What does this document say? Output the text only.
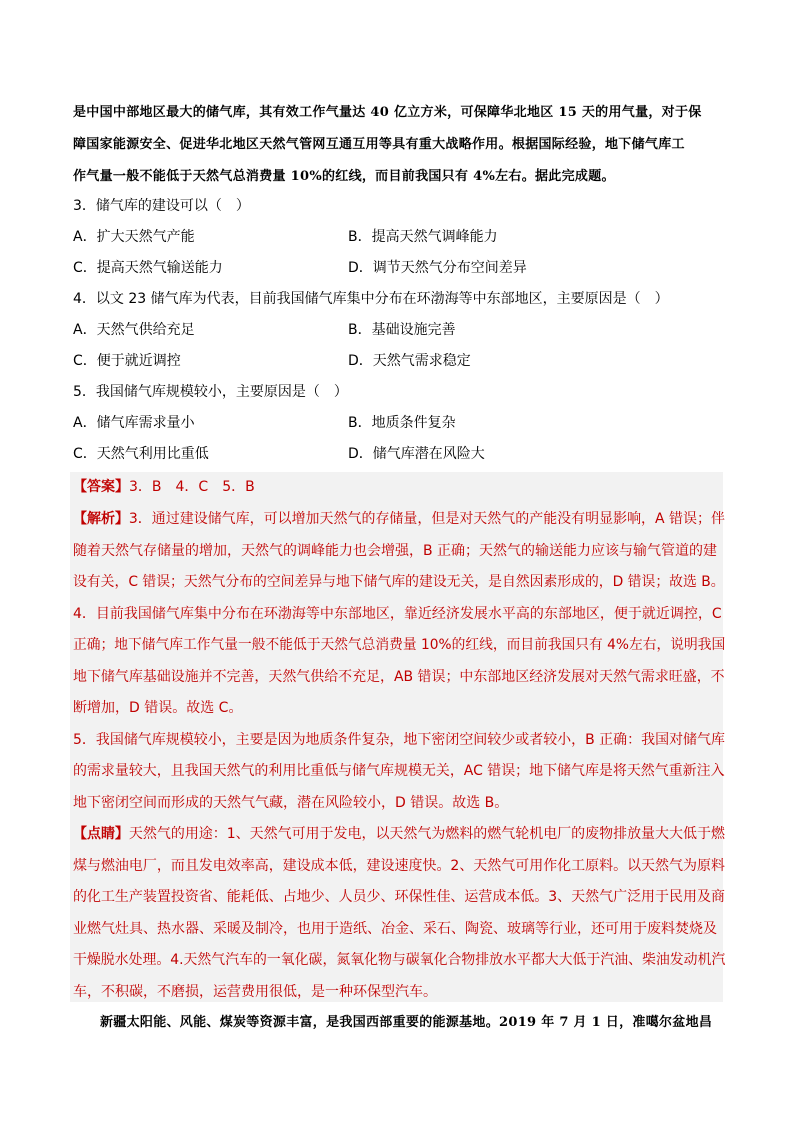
是中国中部地区最大的储气库，其有效工作气量达 40 亿立方米，可保障华北地区 15 天的用气量，对于保

障国家能源安全、促进华北地区天然气管网互通互用等具有重大战略作用。根据国际经验，地下储气库工

作气量一般不能低于天然气总消费量 10%的红线，而目前我国只有 4%左右。据此完成题。

3．储气库的建设可以（　）
A．扩大天然气产能	B．提高天然气调峰能力
C．提高天然气输送能力	D．调节天然气分布空间差异
4．以文 23 储气库为代表，目前我国储气库集中分布在环渤海等中东部地区，主要原因是（　）
A．天然气供给充足	B．基础设施完善
C．便于就近调控	D．天然气需求稳定
5．我国储气库规模较小，主要原因是（　）
A．储气库需求量小	B．地质条件复杂
C．天然气利用比重低	D．储气库潜在风险大

【答案】3．B　4．C　5．B

【解析】3．通过建设储气库，可以增加天然气的存储量，但是对天然气的产能没有明显影响，A 错误；伴

随着天然气存储量的增加，天然气的调峰能力也会增强，B 正确；天然气的输送能力应该与输气管道的建

设有关，C 错误；天然气分布的空间差异与地下储气库的建设无关，是自然因素形成的，D 错误；故选 B。

4．目前我国储气库集中分布在环渤海等中东部地区，靠近经济发展水平高的东部地区，便于就近调控，C

正确；地下储气库工作气量一般不能低于天然气总消费量 10%的红线，而目前我国只有 4%左右，说明我国

地下储气库基础设施并不完善，天然气供给不充足，AB 错误；中东部地区经济发展对天然气需求旺盛，不

断增加，D 错误。故选 C。

5．我国储气库规模较小，主要是因为地质条件复杂，地下密闭空间较少或者较小，B 正确：我国对储气库

的需求量较大，且我国天然气的利用比重低与储气库规模无关，AC 错误；地下储气库是将天然气重新注入

地下密闭空间而形成的天然气气藏，潜在风险较小，D 错误。故选 B。

【点睛】天然气的用途：1、天然气可用于发电，以天然气为燃料的燃气轮机电厂的废物排放量大大低于燃

煤与燃油电厂，而且发电效率高，建设成本低，建设速度快。2、天然气可用作化工原料。以天然气为原料

的化工生产装置投资省、能耗低、占地少、人员少、环保性佳、运营成本低。3、天然气广泛用于民用及商

业燃气灶具、热水器、采暖及制冷，也用于造纸、冶金、采石、陶瓷、玻璃等行业，还可用于废料焚烧及

干燥脱水处理。4.天然气汽车的一氧化碳，氮氧化物与碳氧化合物排放水平都大大低于汽油、柴油发动机汽

车，不积碳，不磨损，运营费用很低，是一种环保型汽车。

新疆太阳能、风能、煤炭等资源丰富，是我国西部重要的能源基地。2019 年 7 月 1 日，准噶尔盆地昌
